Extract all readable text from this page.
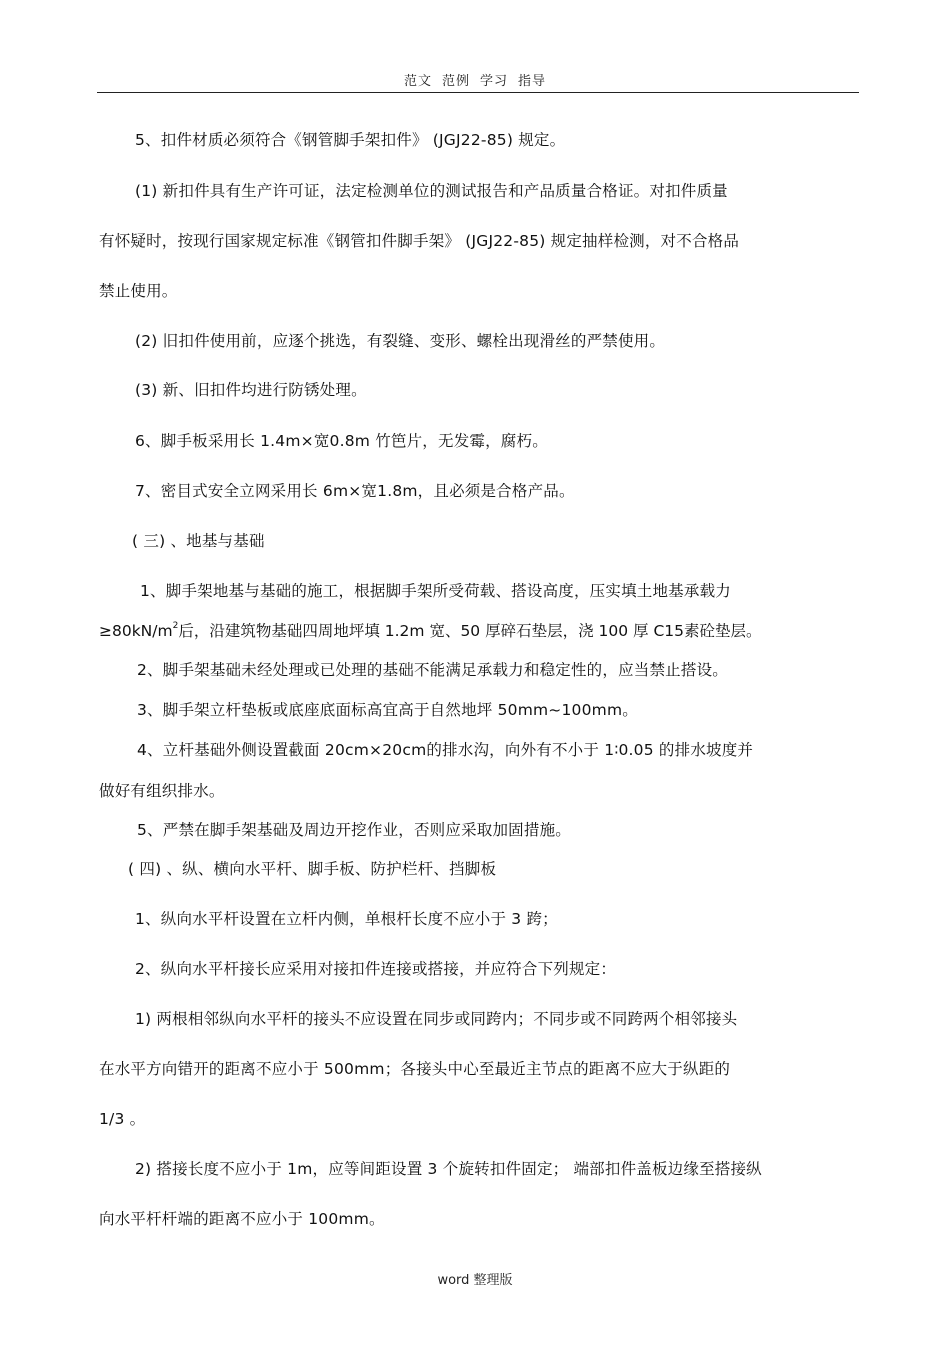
范文 范例 学习 指导
5、扣件材质必须符合《钢管脚手架扣件》 (JGJ22-85) 规定。
(1) 新扣件具有生产许可证，法定检测单位的测试报告和产品质量合格证。对扣件质量
有怀疑时，按现行国家规定标准《钢管扣件脚手架》 (JGJ22-85) 规定抽样检测，对不合格品
禁止使用。
(2) 旧扣件使用前，应逐个挑选，有裂缝、变形、螺栓出现滑丝的严禁使用。
(3) 新、旧扣件均进行防锈处理。
6、脚手板采用长 1.4m×宽0.8m 竹笆片，无发霉，腐朽。
7、密目式安全立网采用长 6m×宽1.8m，且必须是合格产品。
( 三) 、地基与基础
1、脚手架地基与基础的施工，根据脚手架所受荷载、搭设高度，压实填土地基承载力
$\ge 80kN/m^2$后，沿建筑物基础四周地坪填 1.2m 宽、50 厚碎石垫层，浇 100 厚 C15素砼垫层。
2、脚手架基础未经处理或已处理的基础不能满足承载力和稳定性的，应当禁止搭设。
3、脚手架立杆垫板或底座底面标高宜高于自然地坪 50mm~100mm。
4、立杆基础外侧设置截面 20cm×20cm的排水沟，向外有不小于 1∶0.05 的排水坡度并
做好有组织排水。
5、严禁在脚手架基础及周边开挖作业，否则应采取加固措施。
( 四) 、纵、横向水平杆、脚手板、防护栏杆、挡脚板
1、纵向水平杆设置在立杆内侧，单根杆长度不应小于 3 跨；
2、纵向水平杆接长应采用对接扣件连接或搭接，并应符合下列规定：
1) 两根相邻纵向水平杆的接头不应设置在同步或同跨内；不同步或不同跨两个相邻接头
在水平方向错开的距离不应小于 500mm；各接头中心至最近主节点的距离不应大于纵距的
1/3 。
2) 搭接长度不应小于 1m，应等间距设置 3 个旋转扣件固定； 端部扣件盖板边缘至搭接纵
向水平杆杆端的距离不应小于 100mm。
word 整理版
